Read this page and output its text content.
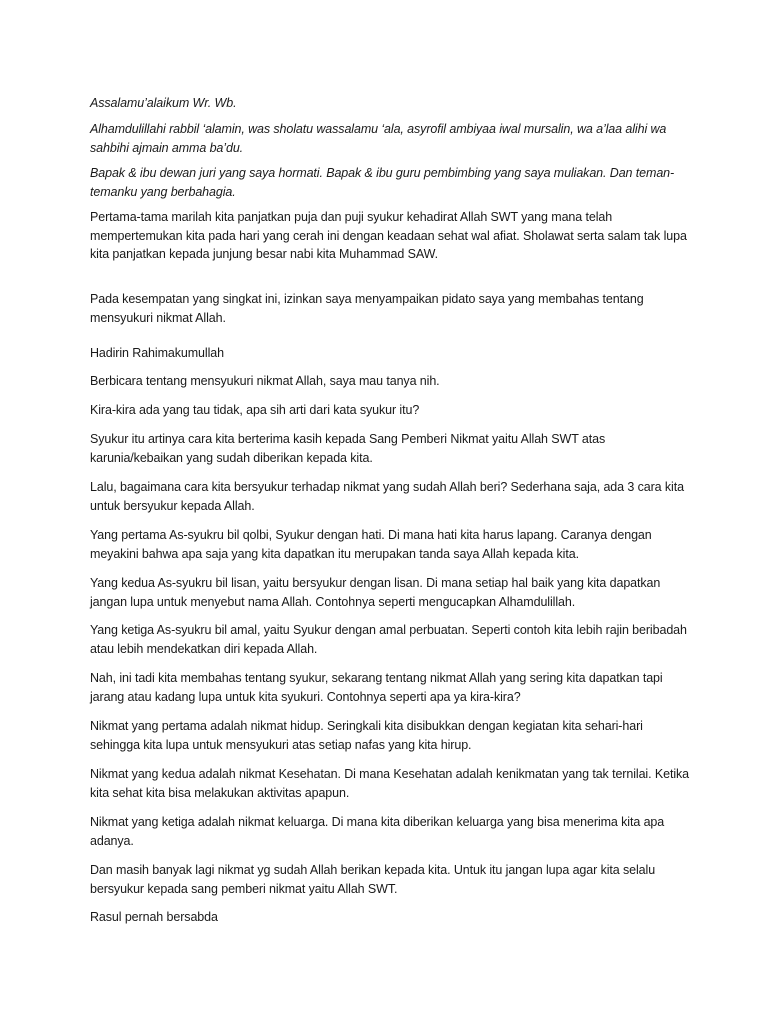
Assalamu’alaikum Wr. Wb.

Alhamdulillahi rabbil ‘alamin, was sholatu wassalamu ‘ala, asyrofil ambiyaa iwal mursalin, wa a’laa alihi wa sahbihi ajmain amma ba’du.

Bapak & ibu dewan juri yang saya hormati. Bapak & ibu guru pembimbing yang saya muliakan. Dan teman-temanku yang berbahagia.

Pertama-tama marilah kita panjatkan puja dan puji syukur kehadirat Allah SWT yang mana telah mempertemukan kita pada hari yang cerah ini dengan keadaan sehat wal afiat. Sholawat serta salam tak lupa kita panjatkan kepada junjung besar nabi kita Muhammad SAW.

Pada kesempatan yang singkat ini, izinkan saya menyampaikan pidato saya yang membahas tentang mensyukuri nikmat Allah.

Hadirin Rahimakumullah

Berbicara tentang mensyukuri nikmat Allah, saya mau tanya nih.

Kira-kira ada yang tau tidak, apa sih arti dari kata syukur itu?

Syukur itu artinya cara kita berterima kasih kepada Sang Pemberi Nikmat yaitu Allah SWT atas karunia/kebaikan yang sudah diberikan kepada kita.

Lalu, bagaimana cara kita bersyukur terhadap nikmat yang sudah Allah beri? Sederhana saja, ada 3 cara kita untuk bersyukur kepada Allah.

Yang pertama As-syukru bil qolbi, Syukur dengan hati. Di mana hati kita harus lapang. Caranya dengan meyakini bahwa apa saja yang kita dapatkan itu merupakan tanda saya Allah kepada kita.

Yang kedua As-syukru bil lisan, yaitu bersyukur dengan lisan. Di mana setiap hal baik yang kita dapatkan jangan lupa untuk menyebut nama Allah. Contohnya seperti mengucapkan Alhamdulillah.

Yang ketiga As-syukru bil amal, yaitu Syukur dengan amal perbuatan. Seperti contoh kita lebih rajin beribadah atau lebih mendekatkan diri kepada Allah.

Nah, ini tadi kita membahas tentang syukur, sekarang tentang nikmat Allah yang sering kita dapatkan tapi jarang atau kadang lupa untuk kita syukuri. Contohnya seperti apa ya kira-kira?

Nikmat yang pertama adalah nikmat hidup. Seringkali kita disibukkan dengan kegiatan kita sehari-hari sehingga kita lupa untuk mensyukuri atas setiap nafas yang kita hirup.

Nikmat yang kedua adalah nikmat Kesehatan. Di mana Kesehatan adalah kenikmatan yang tak ternilai. Ketika kita sehat kita bisa melakukan aktivitas apapun.

Nikmat yang ketiga adalah nikmat keluarga. Di mana kita diberikan keluarga yang bisa menerima kita apa adanya.

Dan masih banyak lagi nikmat yg sudah Allah berikan kepada kita. Untuk itu jangan lupa agar kita selalu bersyukur kepada sang pemberi nikmat yaitu Allah SWT.

Rasul pernah bersabda
